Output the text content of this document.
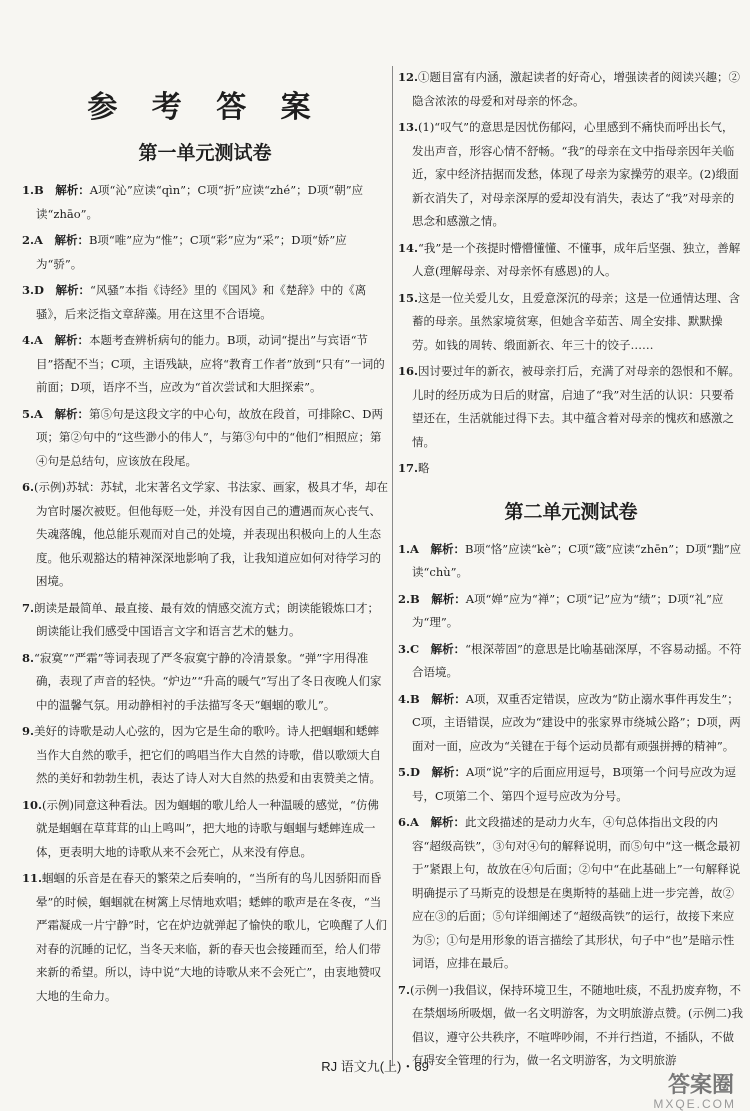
参 考 答 案
第一单元测试卷
1.B　解析：A项“沁”应读“qìn”；C项“折”应读“zhé”；D项“朝”应读“zhāo”。
2.A　解析：B项“唯”应为“惟”；C项“彩”应为“采”；D项“娇”应为“骄”。
3.D　解析：“风骚”本指《诗经》里的《国风》和《楚辞》中的《离骚》，后来泛指文章辞藻。用在这里不合语境。
4.A　解析：本题考查辨析病句的能力。B项，动词“提出”与宾语“节目”搭配不当；C项，主语残缺，应将“教育工作者”放到“只有”一词的前面；D项，语序不当，应改为“首次尝试和大胆探索”。
5.A　解析：第⑤句是这段文字的中心句，故放在段首，可排除C、D两项；第②句中的“这些渺小的伟人”，与第③句中的“他们”相照应；第④句是总结句，应该放在段尾。
6.(示例)苏轼：苏轼，北宋著名文学家、书法家、画家，极具才华，却在为官时屡次被贬。但他每贬一处，并没有因自己的遭遇而灰心丧气、失魂落魄，他总能乐观而对自己的处境，并表现出积极向上的人生态度。他乐观豁达的精神深深地影响了我，让我知道应如何对待学习的困境。
7.朗读是最简单、最直接、最有效的情感交流方式；朗读能锻炼口才；朗读能让我们感受中国语言文字和语言艺术的魅力。
8.“寂寞”“严霜”等词表现了严冬寂寞宁静的冷清景象。“弹”字用得准确，表现了声音的轻快。“炉边”“升高的暖气”写出了冬日夜晚人们家中的温馨气氛。用动静相衬的手法描写冬天“蝈蝈的歌儿”。
9.美好的诗歌是动人心弦的，因为它是生命的歌吟。诗人把蝈蝈和蟋蟀当作大自然的歌手，把它们的鸣唱当作大自然的诗歌，借以歌颂大自然的美好和勃勃生机，表达了诗人对大自然的热爱和由衷赞美之情。
10.(示例)同意这种看法。因为蝈蝈的歌儿给人一种温暖的感觉，“仿佛就是蝈蝈在草茸茸的山上鸣叫”，把大地的诗歌与蝈蝈与蟋蟀连成一体，更表明大地的诗歌从来不会死亡，从来没有停息。
11.蝈蝈的乐音是在春天的繁荣之后奏响的，“当所有的鸟儿因骄阳而昏晕”的时候，蝈蝈就在树篱上尽情地欢唱；蟋蟀的歌声是在冬夜，“当严霜凝成一片宁静”时，它在炉边就弹起了愉快的歌儿，它唤醒了人们对春的沉睡的记忆，当冬天来临，新的春天也会接踵而至，给人们带来新的希望。所以，诗中说“大地的诗歌从来不会死亡”，由衷地赞叹大地的生命力。
12.①题目富有内涵，激起读者的好奇心，增强读者的阅读兴趣；②隐含浓浓的母爱和对母亲的怀念。
13.(1)“叹气”的意思是因忧伤郁闷，心里感到不痛快而呼出长气，发出声音，形容心情不舒畅。“我”的母亲在文中指母亲因年关临近，家中经济拮据而发愁，体现了母亲为家操劳的艰辛。(2)缎面新衣消失了，对母亲深厚的爱却没有消失，表达了“我”对母亲的思念和感激之情。
14.“我”是一个孩提时懵懵懂懂、不懂事，成年后坚强、独立，善解人意(理解母亲、对母亲怀有感恩)的人。
15.这是一位关爱儿女，且爱意深沉的母亲；这是一位通情达理、含蓄的母亲。虽然家境贫寒，但她含辛茹苦、周全安排、默默操劳。如钱的周转、缎面新衣、年三十的饺子……
16.因讨要过年的新衣，被母亲打后，充满了对母亲的怨恨和不解。儿时的经历成为日后的财富，启迪了“我”对生活的认识：只要希望还在，生活就能过得下去。其中蕴含着对母亲的愧疚和感激之情。
17.略
第二单元测试卷
1.A　解析：B项“恪”应读“kè”；C项“箴”应读“zhēn”；D项“黜”应读“chù”。
2.B　解析：A项“婵”应为“禅”；C项“记”应为“绩”；D项“礼”应为“理”。
3.C　解析：“根深蒂固”的意思是比喻基础深厚，不容易动摇。不符合语境。
4.B　解析：A项，双重否定错误，应改为“防止溺水事件再发生”；C项，主语错误，应改为“建设中的张家界市绕城公路”；D项，两面对一面，应改为“关键在于每个运动员都有顽强拼搏的精神”。
5.D　解析：A项“说”字的后面应用逗号，B项第一个问号应改为逗号，C项第二个、第四个逗号应改为分号。
6.A　解析：此文段描述的是动力火车，④句总体指出文段的内容“超级高铁”，③句对④句的解释说明，而⑤句中“这一概念最初于”紧跟上句，故放在④句后面；②句中“在此基础上”一句解释说明确提示了马斯克的设想是在奥斯特的基础上进一步完善，故②应在③的后面；⑤句详细阐述了“超级高铁”的运行，故接下来应为⑤；①句是用形象的语言描绘了其形状，句子中“也”是暗示性词语，应排在最后。
7.(示例一)我倡议，保持环境卫生，不随地吐痰，不乱扔废弃物，不在禁烟场所吸烟，做一名文明游客，为文明旅游点赞。(示例二)我倡议，遵守公共秩序，不喧哗吵闹，不并行挡道，不插队，不做有碍安全管理的行为，做一名文明游客，为文明旅游
RJ 语文九(上)・69
答案圈
MXQE.COM
